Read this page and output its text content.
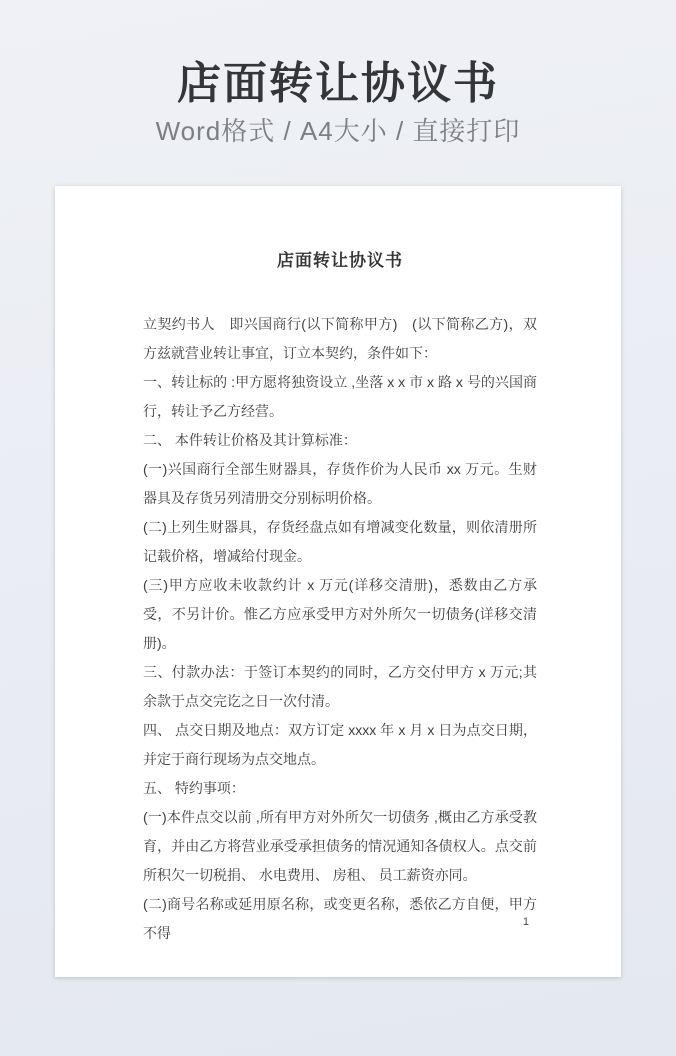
店面转让协议书

Word格式 / A4大小 / 直接打印

店面转让协议书

立契约书人　即兴国商行(以下简称甲方)　(以下简称乙方)，双方兹就营业转让事宜，订立本契约，条件如下：

一、转让标的 :甲方愿将独资设立 ,坐落 x x 市 x 路 x 号的兴国商行，转让予乙方经营。

二、 本件转让价格及其计算标准：

(一)兴国商行全部生财器具，存货作价为人民币 xx 万元。生财器具及存货另列清册交分别标明价格。

(二)上列生财器具，存货经盘点如有增减变化数量，则依清册所记载价格，增减给付现金。

(三)甲方应收未收款约计 x 万元(详移交清册)，悉数由乙方承受，不另计价。惟乙方应承受甲方对外所欠一切债务(详移交清册)。

三、付款办法：于签订本契约的同时，乙方交付甲方 x 万元;其余款于点交完讫之日一次付清。

四、 点交日期及地点：双方订定 xxxx 年 x 月 x 日为点交日期，并定于商行现场为点交地点。

五、 特约事项：

(一)本件点交以前 ,所有甲方对外所欠一切债务 ,概由乙方承受教育，并由乙方将营业承受承担债务的情况通知各债权人。点交前所积欠一切税捐、 水电费用、 房租、 员工薪资亦同。

(二)商号名称或延用原名称，或变更名称，悉依乙方自便，甲方不得

1
